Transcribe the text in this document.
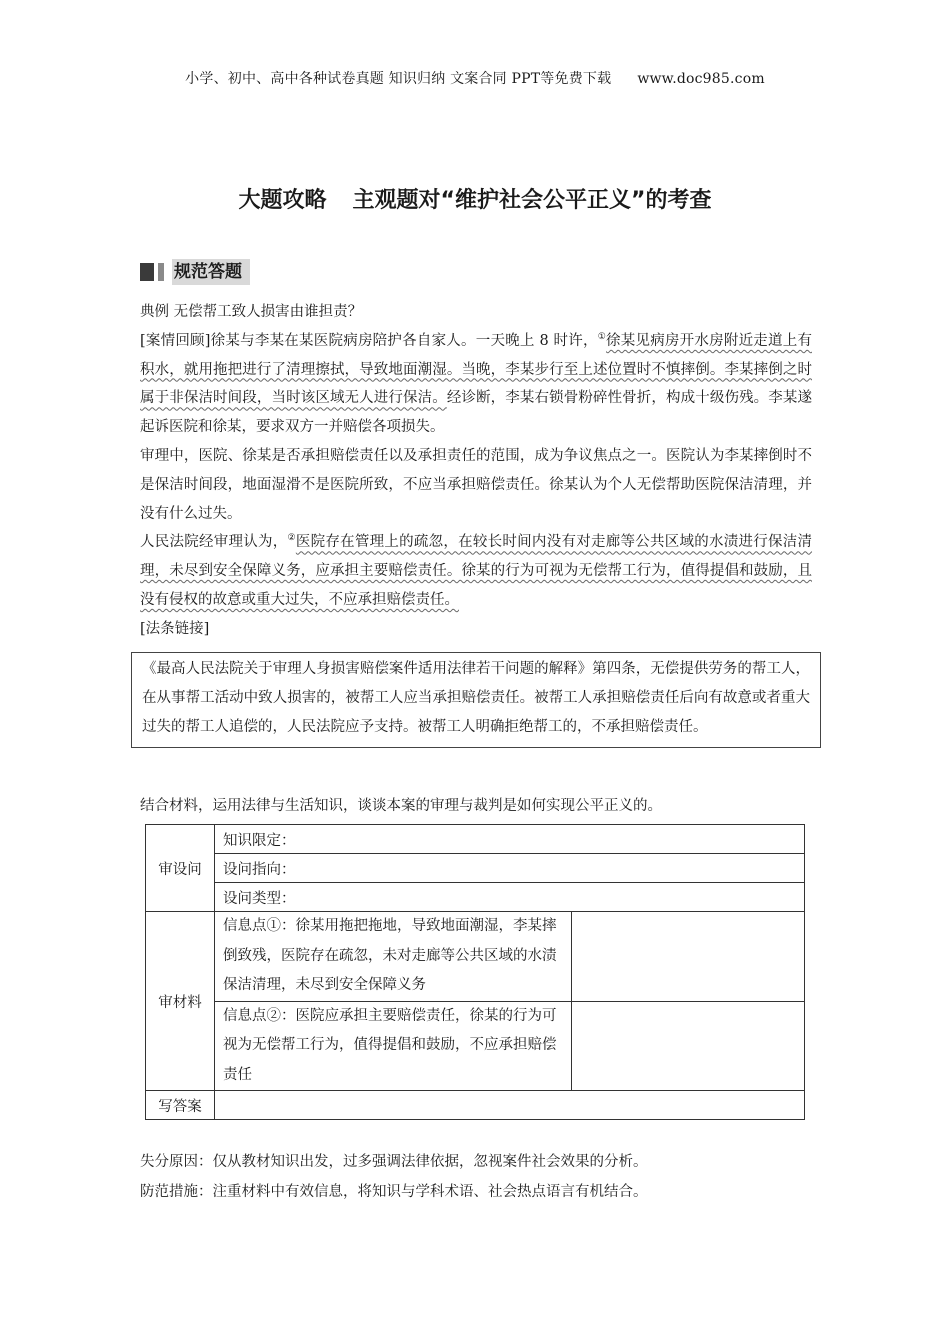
小学、初中、高中各种试卷真题 知识归纳 文案合同 PPT等免费下载 www.doc985.com
大题攻略 主观题对“维护社会公平正义”的考查
规范答题

典例 无偿帮工致人损害由谁担责？

[案情回顾]徐某与李某在某医院病房陪护各自家人。一天晚上 8 时许，①徐某见病房开水房附近走道上有积水，就用拖把进行了清理擦拭，导致地面潮湿。当晚，李某步行至上述位置时不慎摔倒。李某摔倒之时属于非保洁时间段，当时该区域无人进行保洁。经诊断，李某右锁骨粉碎性骨折，构成十级伤残。李某遂起诉医院和徐某，要求双方一并赔偿各项损失。

审理中，医院、徐某是否承担赔偿责任以及承担责任的范围，成为争议焦点之一。医院认为李某摔倒时不是保洁时间段，地面湿滑不是医院所致，不应当承担赔偿责任。徐某认为个人无偿帮助医院保洁清理，并没有什么过失。

人民法院经审理认为，②医院存在管理上的疏忽，在较长时间内没有对走廊等公共区域的水渍进行保洁清理，未尽到安全保障义务，应承担主要赔偿责任。徐某的行为可视为无偿帮工行为，值得提倡和鼓励，且没有侵权的故意或重大过失，不应承担赔偿责任。

[法条链接]

《最高人民法院关于审理人身损害赔偿案件适用法律若干问题的解释》第四条，无偿提供劳务的帮工人，在从事帮工活动中致人损害的，被帮工人应当承担赔偿责任。被帮工人承担赔偿责任后向有故意或者重大过失的帮工人追偿的，人民法院应予支持。被帮工人明确拒绝帮工的，不承担赔偿责任。
结合材料，运用法律与生活知识，谈谈本案的审理与裁判是如何实现公平正义的。
审设问	知识限定：	
	设问指向：	
	设问类型：	
审材料	信息点①：徐某用拖把拖地，导致地面潮湿，李某摔倒致残，医院存在疏忽，未对走廊等公共区域的水渍保洁清理，未尽到安全保障义务	
	信息点②：医院应承担主要赔偿责任，徐某的行为可视为无偿帮工行为，值得提倡和鼓励，不应承担赔偿责任	
写答案		
失分原因：仅从教材知识出发，过多强调法律依据，忽视案件社会效果的分析。
防范措施：注重材料中有效信息，将知识与学科术语、社会热点语言有机结合。
